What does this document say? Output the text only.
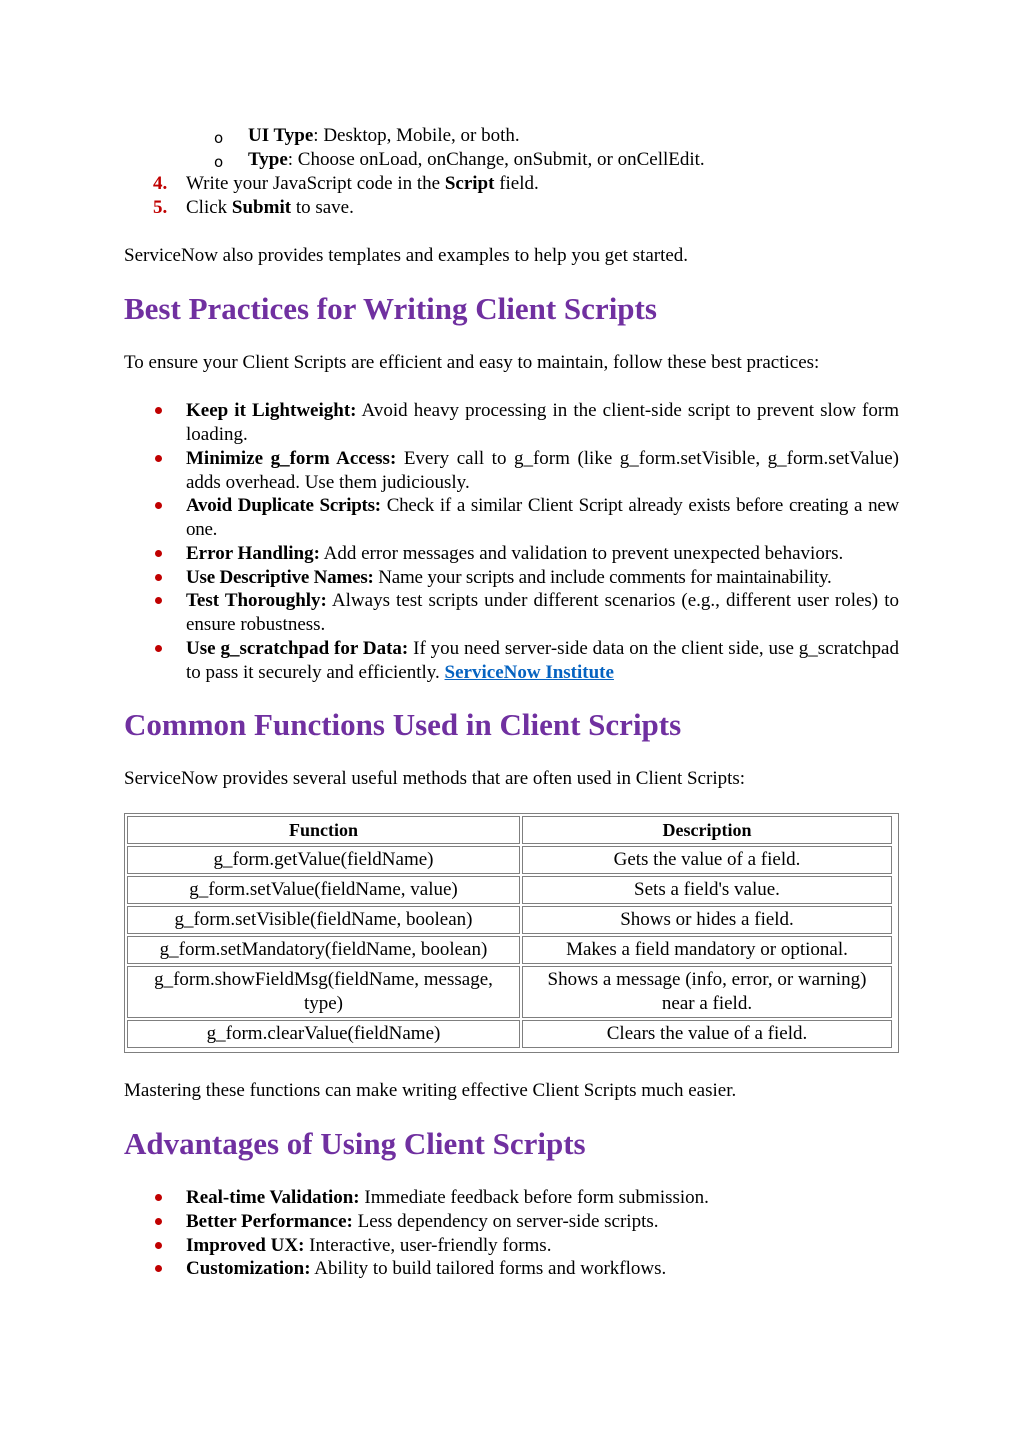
o UI Type: Desktop, Mobile, or both.
o Type: Choose onLoad, onChange, onSubmit, or onCellEdit.
4. Write your JavaScript code in the Script field.
5. Click Submit to save.
ServiceNow also provides templates and examples to help you get started.
Best Practices for Writing Client Scripts
To ensure your Client Scripts are efficient and easy to maintain, follow these best practices:
Keep it Lightweight: Avoid heavy processing in the client-side script to prevent slow form loading.
Minimize g_form Access: Every call to g_form (like g_form.setVisible, g_form.setValue) adds overhead. Use them judiciously.
Avoid Duplicate Scripts: Check if a similar Client Script already exists before creating a new one.
Error Handling: Add error messages and validation to prevent unexpected behaviors.
Use Descriptive Names: Name your scripts and include comments for maintainability.
Test Thoroughly: Always test scripts under different scenarios (e.g., different user roles) to ensure robustness.
Use g_scratchpad for Data: If you need server-side data on the client side, use g_scratchpad to pass it securely and efficiently. ServiceNow Institute
Common Functions Used in Client Scripts
ServiceNow provides several useful methods that are often used in Client Scripts:
Function	Description

g_form.getValue(fieldName)	Gets the value of a field.

g_form.setValue(fieldName, value)	Sets a field's value.

g_form.setVisible(fieldName, boolean)	Shows or hides a field.

g_form.setMandatory(fieldName, boolean)	Makes a field mandatory or optional.

g_form.showFieldMsg(fieldName, message, type)	Shows a message (info, error, or warning) near a field.

g_form.clearValue(fieldName)	Clears the value of a field.
Mastering these functions can make writing effective Client Scripts much easier.
Advantages of Using Client Scripts
Real-time Validation: Immediate feedback before form submission.
Better Performance: Less dependency on server-side scripts.
Improved UX: Interactive, user-friendly forms.
Customization: Ability to build tailored forms and workflows.
